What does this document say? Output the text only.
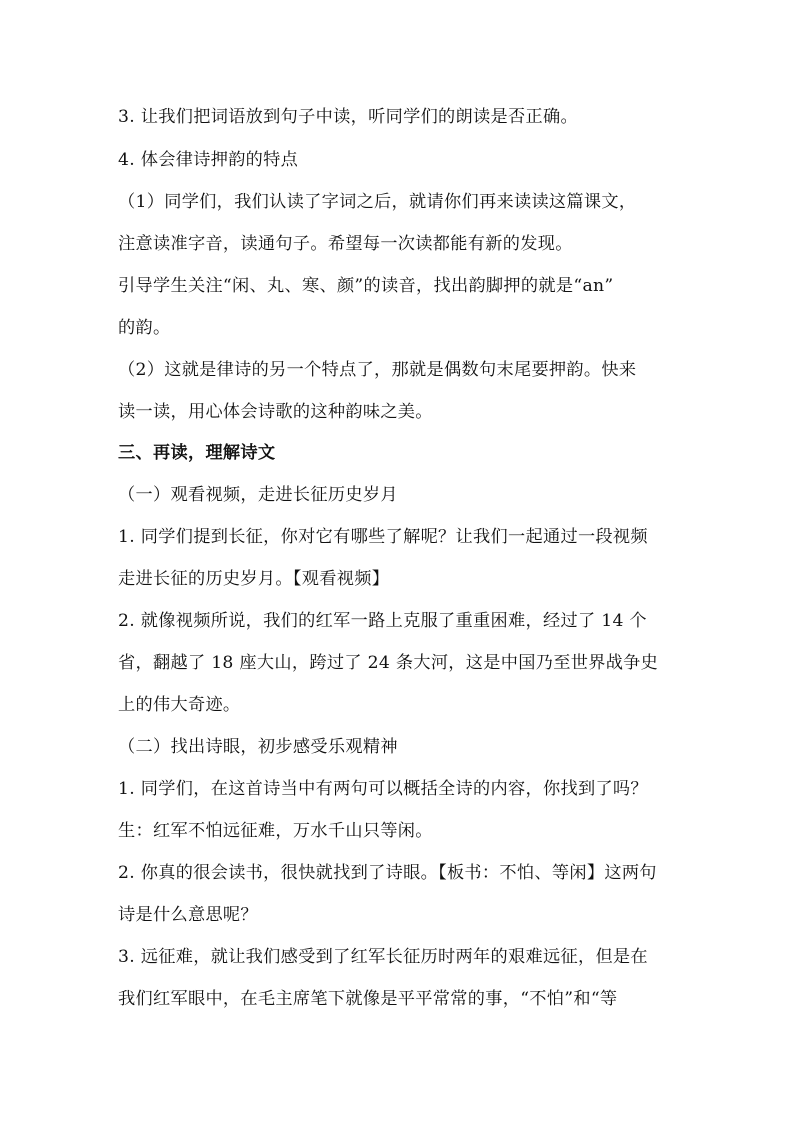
3. 让我们把词语放到句子中读，听同学们的朗读是否正确。
4. 体会律诗押韵的特点
（1）同学们，我们认读了字词之后，就请你们再来读读这篇课文，
注意读准字音，读通句子。希望每一次读都能有新的发现。
引导学生关注“闲、丸、寒、颜”的读音，找出韵脚押的就是“an”
的韵。
（2）这就是律诗的另一个特点了，那就是偶数句末尾要押韵。快来
读一读，用心体会诗歌的这种韵味之美。
三、再读，理解诗文
（一）观看视频，走进长征历史岁月
1. 同学们提到长征，你对它有哪些了解呢？让我们一起通过一段视频
走进长征的历史岁月。【观看视频】
2. 就像视频所说，我们的红军一路上克服了重重困难，经过了 14 个
省，翻越了 18 座大山，跨过了 24 条大河，这是中国乃至世界战争史
上的伟大奇迹。
（二）找出诗眼，初步感受乐观精神
1. 同学们，在这首诗当中有两句可以概括全诗的内容，你找到了吗？
生：红军不怕远征难，万水千山只等闲。
2. 你真的很会读书，很快就找到了诗眼。【板书：不怕、等闲】这两句
诗是什么意思呢？
3. 远征难，就让我们感受到了红军长征历时两年的艰难远征，但是在
我们红军眼中，在毛主席笔下就像是平平常常的事，“不怕”和“等
